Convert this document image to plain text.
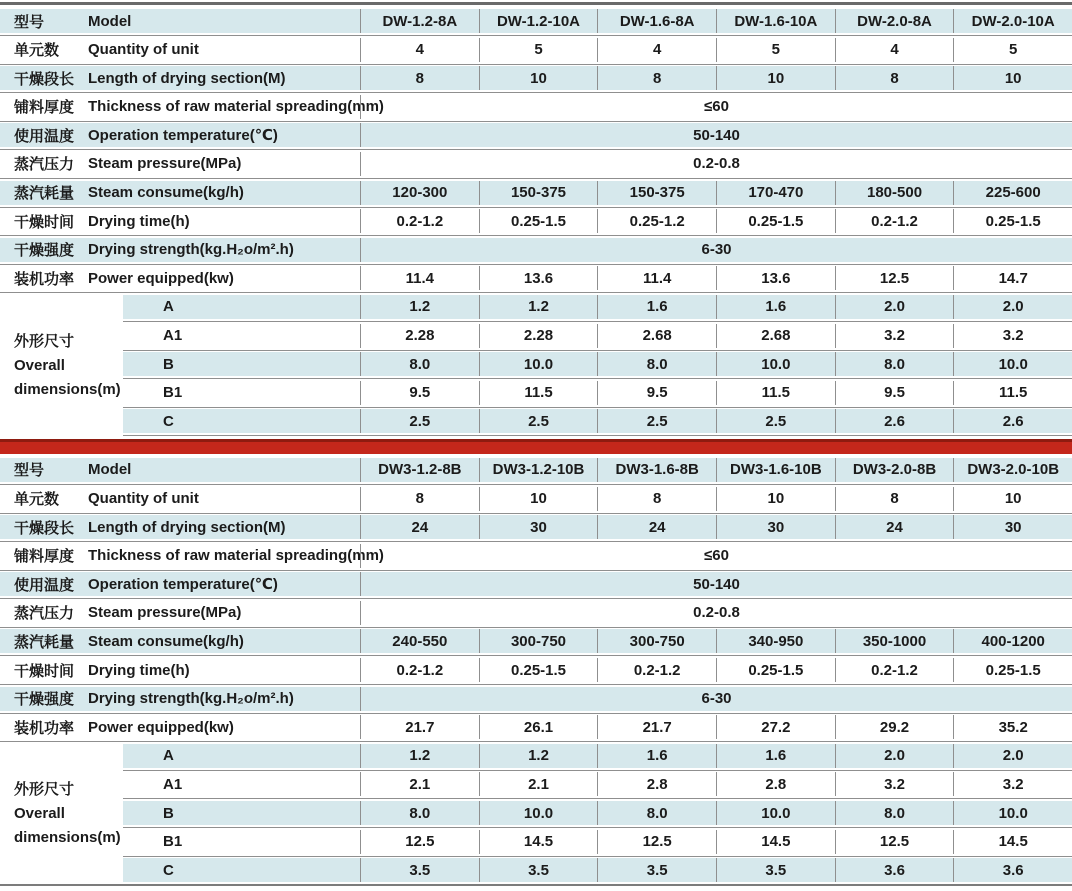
型号	Model	DW-1.2-8A	DW-1.2-10A	DW-1.6-8A	DW-1.6-10A	DW-2.0-8A	DW-2.0-10A
单元数	Quantity of unit	4	5	4	5	4	5
干燥段长 Length of drying section(M)	8	10	8	10	8	10
铺料厚度 Thickness of raw material spreading(mm)	≤60
使用温度 Operation temperature(℃)	50-140
蒸汽压力 Steam pressure(MPa)	0.2-0.8
蒸汽耗量 Steam consume(kg/h)	120-300	150-375	150-375	170-470	180-500	225-600
干燥时间 Drying time(h)	0.2-1.2	0.25-1.5	0.25-1.2	0.25-1.5	0.2-1.2	0.25-1.5
干燥强度 Drying strength(kg.H₂o/m².h)	6-30
装机功率 Power equipped(kw)	11.4	13.6	11.4	13.6	12.5	14.7
外形尺寸
Overall
dimensions(m)
A	1.2	1.2	1.6	1.6	2.0	2.0
A1	2.28	2.28	2.68	2.68	3.2	3.2
B	8.0	10.0	8.0	10.0	8.0	10.0
B1	9.5	11.5	9.5	11.5	9.5	11.5
C	2.5	2.5	2.5	2.5	2.6	2.6
型号	Model	DW3-1.2-8B	DW3-1.2-10B	DW3-1.6-8B	DW3-1.6-10B	DW3-2.0-8B	DW3-2.0-10B
单元数	Quantity of unit	8	10	8	10	8	10
干燥段长 Length of drying section(M)	24	30	24	30	24	30
铺料厚度 Thickness of raw material spreading(mm)	≤60
使用温度 Operation temperature(℃)	50-140
蒸汽压力 Steam pressure(MPa)	0.2-0.8
蒸汽耗量 Steam consume(kg/h)	240-550	300-750	300-750	340-950	350-1000	400-1200
干燥时间 Drying time(h)	0.2-1.2	0.25-1.5	0.2-1.2	0.25-1.5	0.2-1.2	0.25-1.5
干燥强度 Drying strength(kg.H₂o/m².h)	6-30
装机功率 Power equipped(kw)	21.7	26.1	21.7	27.2	29.2	35.2
外形尺寸
Overall
dimensions(m)
A	1.2	1.2	1.6	1.6	2.0	2.0
A1	2.1	2.1	2.8	2.8	3.2	3.2
B	8.0	10.0	8.0	10.0	8.0	10.0
B1	12.5	14.5	12.5	14.5	12.5	14.5
C	3.5	3.5	3.5	3.5	3.6	3.6
